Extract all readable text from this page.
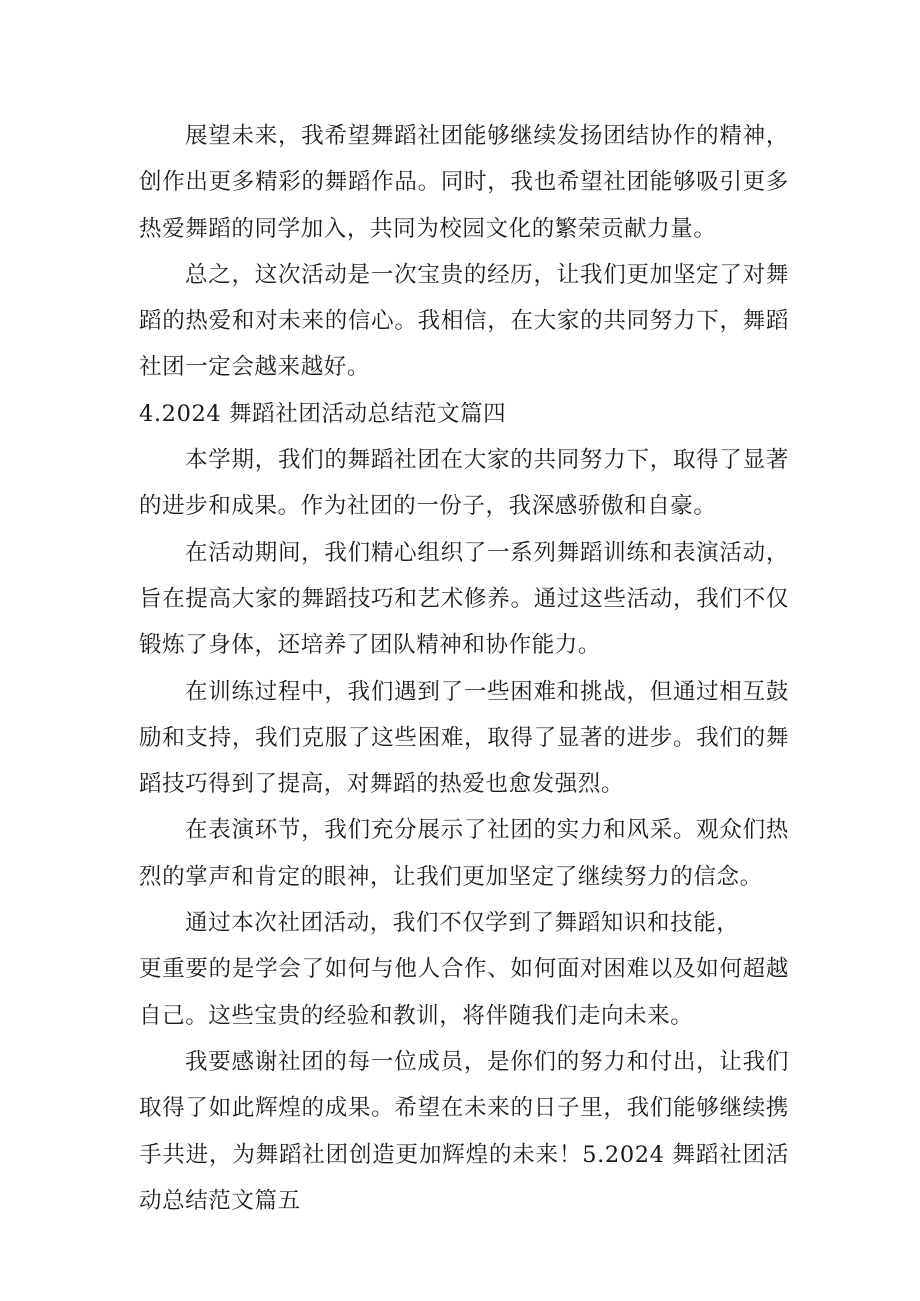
展望未来，我希望舞蹈社团能够继续发扬团结协作的精神，创作出更多精彩的舞蹈作品。同时，我也希望社团能够吸引更多热爱舞蹈的同学加入，共同为校园文化的繁荣贡献力量。

总之，这次活动是一次宝贵的经历，让我们更加坚定了对舞蹈的热爱和对未来的信心。我相信，在大家的共同努力下，舞蹈社团一定会越来越好。

4.2024 舞蹈社团活动总结范文篇四

本学期，我们的舞蹈社团在大家的共同努力下，取得了显著的进步和成果。作为社团的一份子，我深感骄傲和自豪。

在活动期间，我们精心组织了一系列舞蹈训练和表演活动，旨在提高大家的舞蹈技巧和艺术修养。通过这些活动，我们不仅锻炼了身体，还培养了团队精神和协作能力。

在训练过程中，我们遇到了一些困难和挑战，但通过相互鼓励和支持，我们克服了这些困难，取得了显著的进步。我们的舞蹈技巧得到了提高，对舞蹈的热爱也愈发强烈。

在表演环节，我们充分展示了社团的实力和风采。观众们热烈的掌声和肯定的眼神，让我们更加坚定了继续努力的信念。

通过本次社团活动，我们不仅学到了舞蹈知识和技能，

更重要的是学会了如何与他人合作、如何面对困难以及如何超越自己。这些宝贵的经验和教训，将伴随我们走向未来。

我要感谢社团的每一位成员，是你们的努力和付出，让我们取得了如此辉煌的成果。希望在未来的日子里，我们能够继续携手共进，为舞蹈社团创造更加辉煌的未来！5.2024 舞蹈社团活动总结范文篇五
